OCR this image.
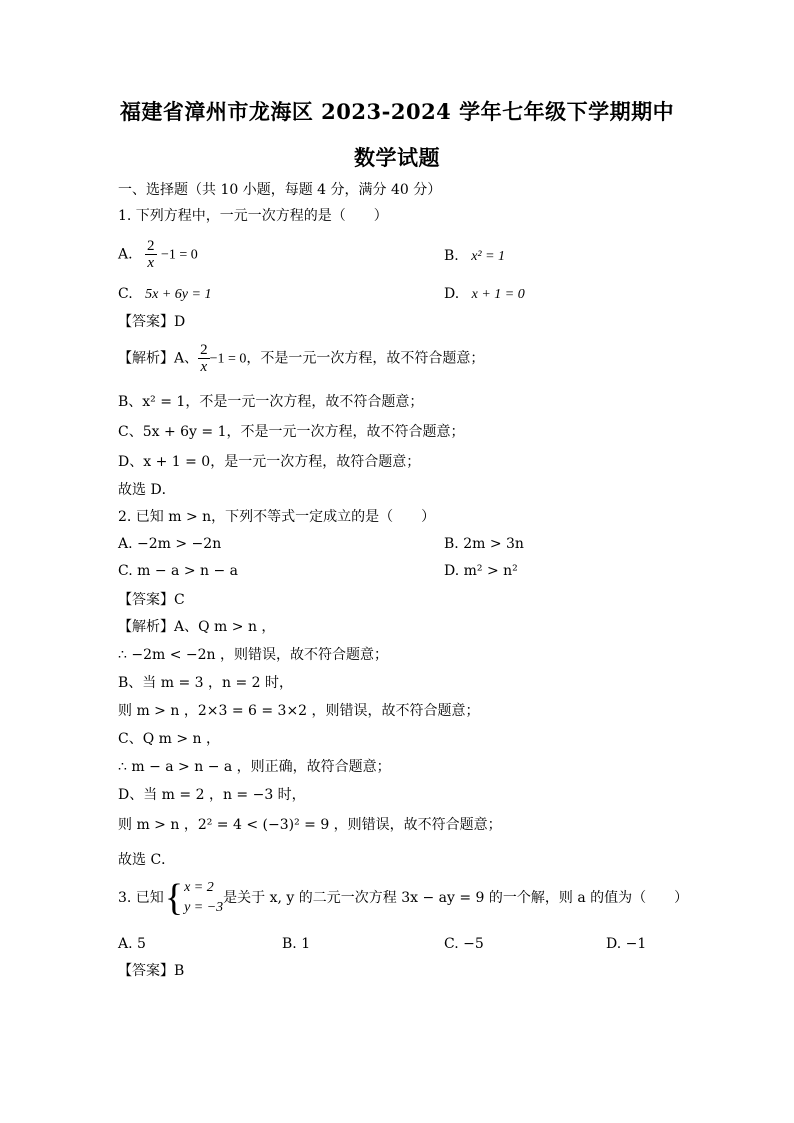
福建省漳州市龙海区 2023-2024 学年七年级下学期期中
数学试题
一、选择题（共 10 小题，每题 4 分，满分 40 分）
1. 下列方程中，一元一次方程的是（　　）
A. $\frac{2}{x} -1 = 0$	B. x² = 1
C. 5x + 6y = 1	D. x + 1 = 0
【答案】D
【解析】A、 $\frac{2}{x} -1 = 0$，不是一元一次方程，故不符合题意；
B、x² = 1，不是一元一次方程，故不符合题意；
C、5x + 6y = 1，不是一元一次方程，故不符合题意；
D、x + 1 = 0，是一元一次方程，故符合题意；
故选 D．
2. 已知 m > n，下列不等式一定成立的是（　　）
A. −2m > −2n	B. 2m > 3n
C. m − a > n − a	D. m² > n²
【答案】C
【解析】A、Q m > n ，
∴ −2m < −2n ，则错误，故不符合题意；
B、当 m = 3 ，n = 2 时，
则 m > n ，2×3 = 6 = 3×2 ，则错误，故不符合题意；
C、Q m > n ，
∴ m − a > n − a ，则正确，故符合题意；
D、当 m = 2 ，n = −3 时，
则 m > n ，2² = 4 < (−3)² = 9 ，则错误，故不符合题意；
故选 C．
3. 已知{ x = 2
y = −3
是关于 x, y 的二元一次方程 3x − ay = 9 的一个解，则 a 的值为（　　）
A. 5	B. 1	C. −5	D. −1
【答案】B
